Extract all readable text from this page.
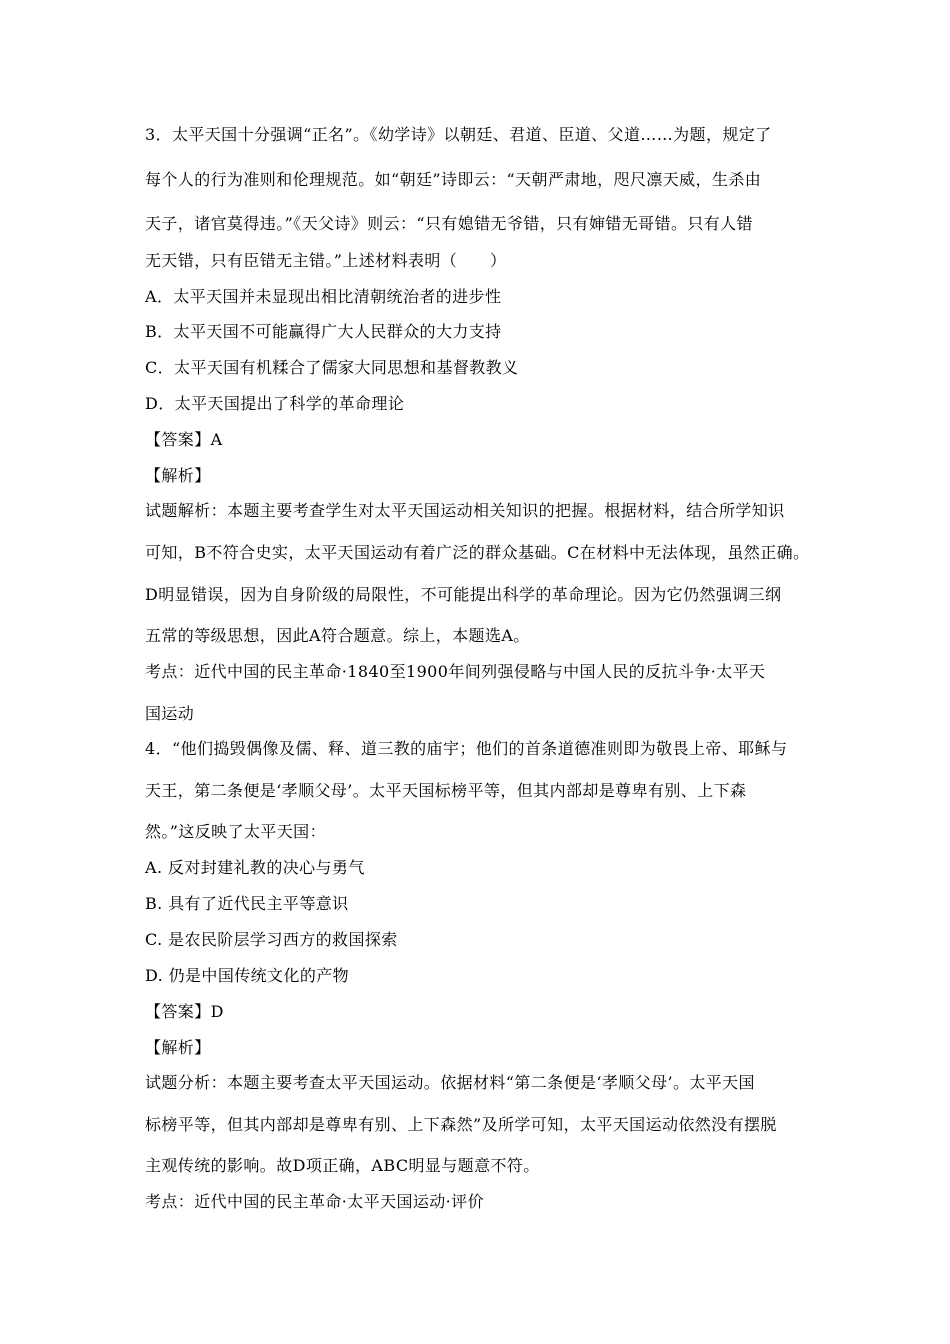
3．太平天国十分强调“正名”。《幼学诗》以朝廷、君道、臣道、父道……为题，规定了
每个人的行为准则和伦理规范。如“朝廷”诗即云：“天朝严肃地，咫尺凛天威，生杀由
天子，诸官莫得违。”《天父诗》则云：“只有媳错无爷错，只有婶错无哥错。只有人错
无天错，只有臣错无主错。”上述材料表明（　　）
A．太平天国并未显现出相比清朝统治者的进步性
B．太平天国不可能赢得广大人民群众的大力支持
C．太平天国有机糅合了儒家大同思想和基督教教义
D．太平天国提出了科学的革命理论
【答案】A
【解析】
试题解析：本题主要考查学生对太平天国运动相关知识的把握。根据材料，结合所学知识
可知，B不符合史实，太平天国运动有着广泛的群众基础。C在材料中无法体现，虽然正确。
D明显错误，因为自身阶级的局限性，不可能提出科学的革命理论。因为它仍然强调三纲
五常的等级思想，因此A符合题意。综上，本题选A。
考点：近代中国的民主革命·1840至1900年间列强侵略与中国人民的反抗斗争·太平天
国运动
4．“他们捣毁偶像及儒、释、道三教的庙宇；他们的首条道德准则即为敬畏上帝、耶稣与
天王，第二条便是‘孝顺父母’。太平天国标榜平等，但其内部却是尊卑有别、上下森
然。”这反映了太平天国：
A. 反对封建礼教的决心与勇气
B. 具有了近代民主平等意识
C. 是农民阶层学习西方的救国探索
D. 仍是中国传统文化的产物
【答案】D
【解析】
试题分析：本题主要考查太平天国运动。依据材料“第二条便是‘孝顺父母’。太平天国
标榜平等，但其内部却是尊卑有别、上下森然”及所学可知，太平天国运动依然没有摆脱
主观传统的影响。故D项正确，ABC明显与题意不符。
考点：近代中国的民主革命·太平天国运动·评价
